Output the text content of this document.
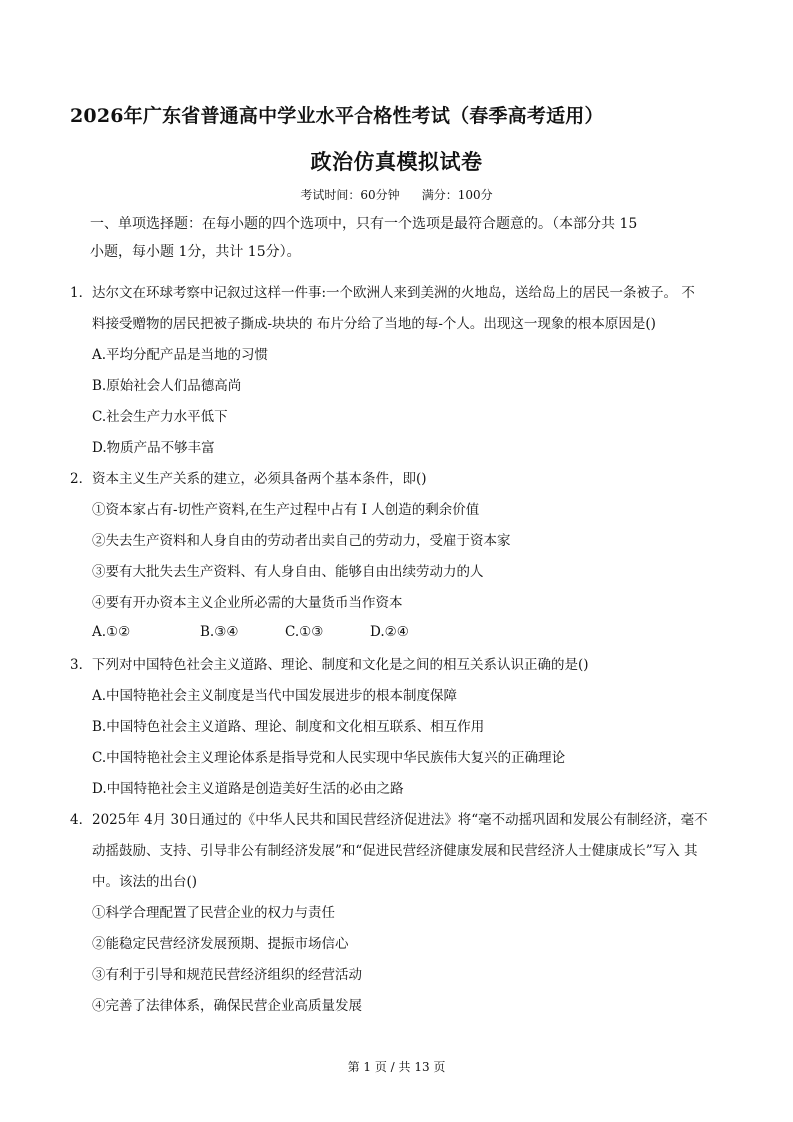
2026年广东省普通高中学业水平合格性考试（春季高考适用）
政治仿真模拟试卷
考试时间：60分钟 满分：100分
一、单项选择题：在每小题的四个选项中，只有一个选项是最符合题意的。（本部分共 15
小题，每小题 1分，共计 15分）。
1． 达尔文在环球考察中记叙过这样一件事:一个欧洲人来到美洲的火地岛，送给岛上的居民一条被子。 不
料接受赠物的居民把被子撕成-块块的 布片分给了当地的每-个人。出现这一现象的根本原因是()
A.平均分配产品是当地的习惯
B.原始社会人们品德高尚
C.社会生产力水平低下
D.物质产品不够丰富
2． 资本主义生产关系的建立，必须具备两个基本条件，即()
①资本家占有-切性产资料,在生产过程中占有 I 人创造的剩余价值
②失去生产资料和人身自由的劳动者出卖自己的劳动力，受雇于资本家
③要有大批失去生产资料、有人身自由、能够自由出续劳动力的人
④要有开办资本主义企业所必需的大量货币当作资本
A.①②	B.③④	C.①③	D.②④
3． 下列对中国特色社会主义道路、理论、制度和文化是之间的相互关系认识正确的是()
A.中国特艳社会主义制度是当代中国发展进步的根本制度保障
B.中国特色社会主义道路、理论、制度和文化相互联系、相互作用
C.中国特艳社会主义理论体系是指导党和人民实现中华民族伟大复兴的正确理论
D.中国特艳社会主义道路是创造美好生活的必由之路
4． 2025年 4月 30日通过的《中华人民共和国民营经济促进法》将“毫不动摇巩固和发展公有制经济，毫不
动摇鼓励、支持、引导非公有制经济发展”和“促进民营经济健康发展和民营经济人士健康成长”写入 其
中。该法的出台()
①科学合理配置了民营企业的权力与责任
②能稳定民营经济发展预期、提振市场信心
③有利于引导和规范民营经济组织的经营活动
④完善了法律体系，确保民营企业高质量发展
第 1 页 / 共 13 页
